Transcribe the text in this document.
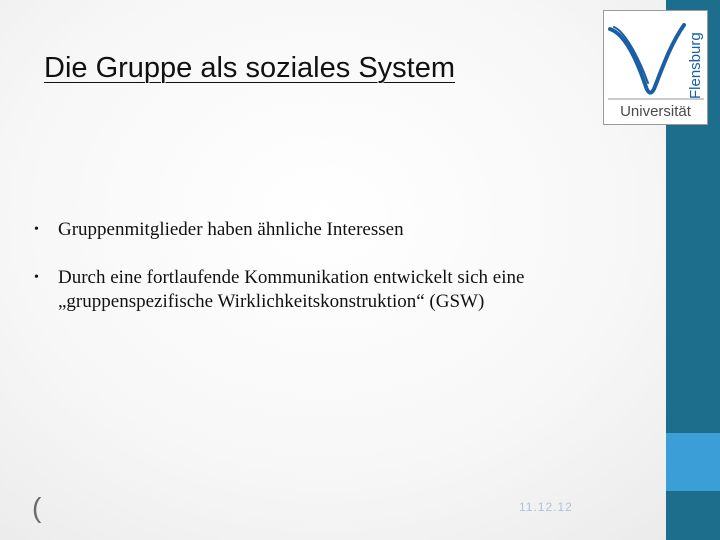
Flensburg
Universität
Die Gruppe als soziales System
• Gruppenmitglieder haben ähnliche Interessen
• Durch eine fortlaufende Kommunikation entwickelt sich eine „gruppenspezifische Wirklichkeitskonstruktion“ (GSW)
(	11.12.12
